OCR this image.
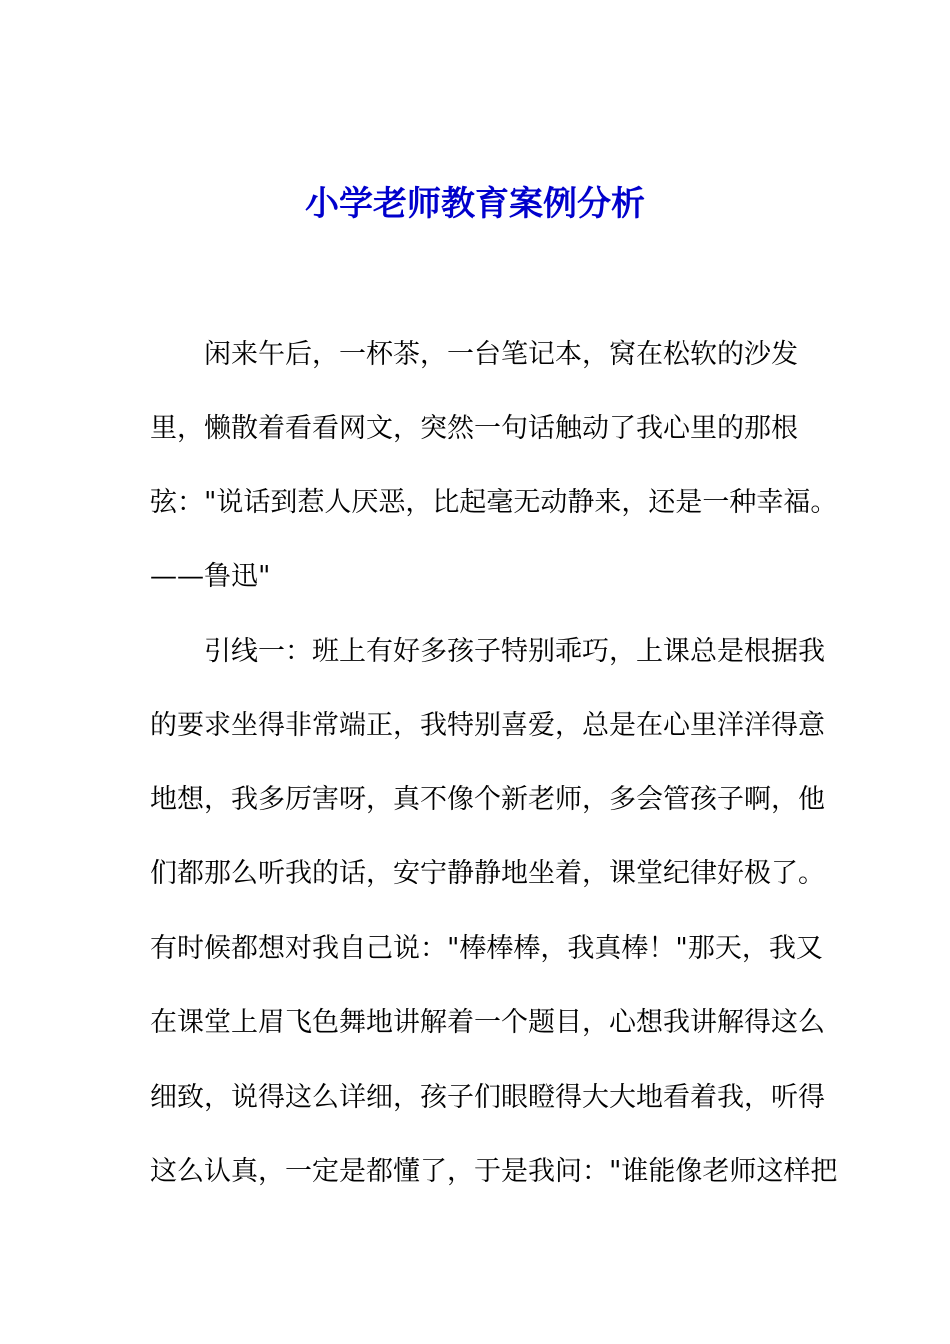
小学老师教育案例分析

闲来午后，一杯茶，一台笔记本，窝在松软的沙发

里，懒散着看看网文，突然一句话触动了我心里的那根

弦："说话到惹人厌恶，比起毫无动静来，还是一种幸福。

——鲁迅"

引线一：班上有好多孩子特别乖巧，上课总是根据我

的要求坐得非常端正，我特别喜爱，总是在心里洋洋得意

地想，我多厉害呀，真不像个新老师，多会管孩子啊，他

们都那么听我的话，安宁静静地坐着，课堂纪律好极了。

有时候都想对我自己说："棒棒棒，我真棒！"那天，我又

在课堂上眉飞色舞地讲解着一个题目，心想我讲解得这么

细致，说得这么详细，孩子们眼瞪得大大地看着我，听得

这么认真，一定是都懂了，于是我问："谁能像老师这样把
